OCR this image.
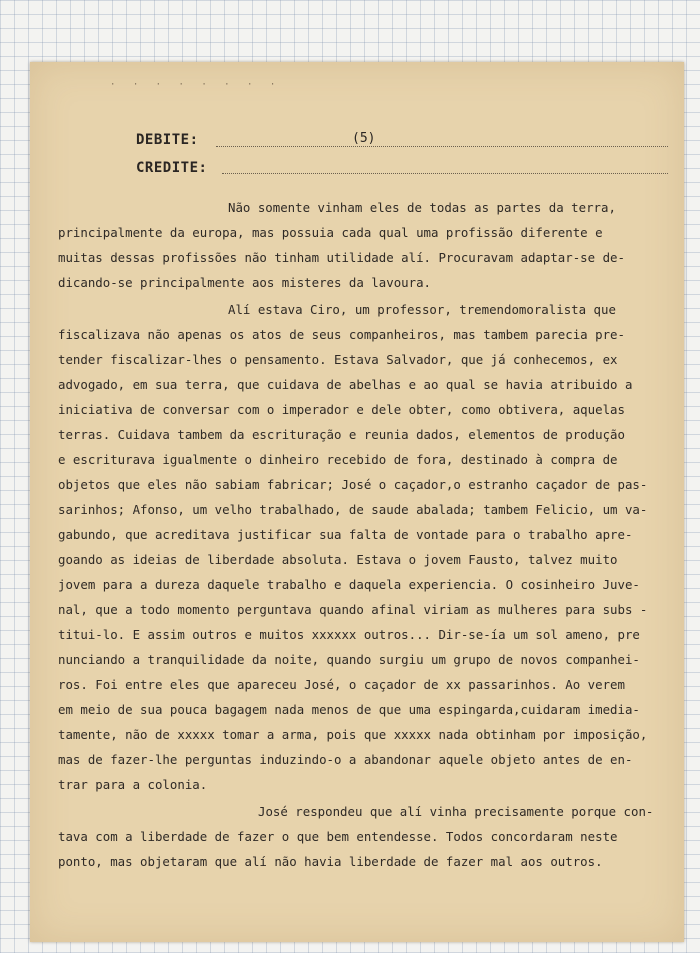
· · · · · · · ·
DEBITE:	(5)
CREDITE:
Não somente vinham eles de todas as partes da terra,
principalmente da europa, mas possuia cada qual uma profissão diferente e
muitas dessas profissões não tinham utilidade alí. Procuravam adaptar-se de-
dicando-se principalmente aos misteres da lavoura.
Alí estava Ciro, um professor, tremendomoralista que
fiscalizava não apenas os atos de seus companheiros, mas tambem parecia pre-
tender fiscalizar-lhes o pensamento. Estava Salvador, que já conhecemos, ex
advogado, em sua terra, que cuidava de abelhas e ao qual se havia atribuido a
iniciativa de conversar com o imperador e dele obter, como obtivera, aquelas
terras. Cuidava tambem da escrituração e reunia dados, elementos de produção
e escriturava igualmente o dinheiro recebido de fora, destinado à compra de
objetos que eles não sabiam fabricar; José o caçador,o estranho caçador de pas-
sarinhos; Afonso, um velho trabalhado, de saude abalada; tambem Felicio, um va-
gabundo, que acreditava justificar sua falta de vontade para o trabalho apre-
goando as ideias de liberdade absoluta. Estava o jovem Fausto, talvez muito
jovem para a dureza daquele trabalho e daquela experiencia. O cosinheiro Juve-
nal, que a todo momento perguntava quando afinal viriam as mulheres para subs -
titui-lo. E assim outros e muitos xxxxxx outros... Dir-se-ía um sol ameno, pre
nunciando a tranquilidade da noite, quando surgiu um grupo de novos companhei-
ros. Foi entre eles que apareceu José, o caçador de xx passarinhos. Ao verem
em meio de sua pouca bagagem nada menos de que uma espingarda,cuidaram imedia-
tamente, não de xxxxx tomar a arma, pois que xxxxx nada obtinham por imposição,
mas de fazer-lhe perguntas induzindo-o a abandonar aquele objeto antes de en-
trar para a colonia.
José respondeu que alí vinha precisamente porque con-
tava com a liberdade de fazer o que bem entendesse. Todos concordaram neste
ponto, mas objetaram que alí não havia liberdade de fazer mal aos outros.
